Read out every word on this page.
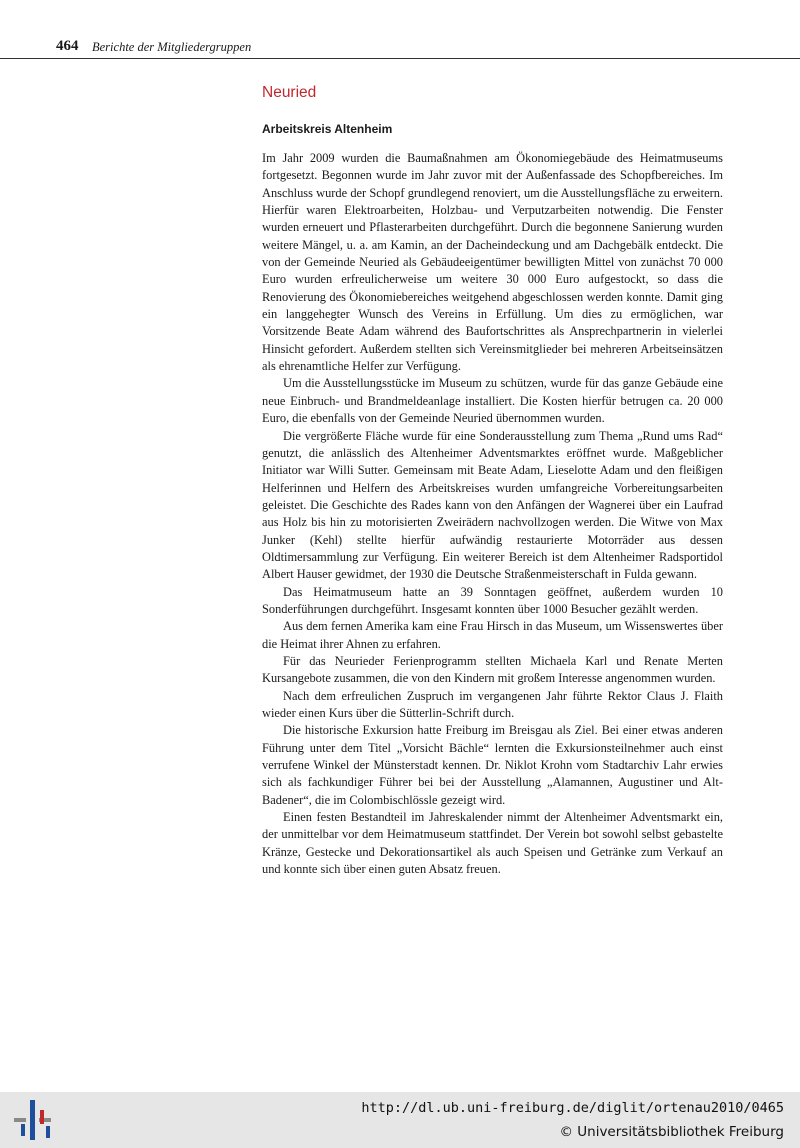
464 Berichte der Mitgliedergruppen
Neuried
Arbeitskreis Altenheim

Im Jahr 2009 wurden die Baumaßnahmen am Ökonomiegebäude des Heimatmuseums fortgesetzt. Begonnen wurde im Jahr zuvor mit der Außenfassade des Schopfbereiches. Im Anschluss wurde der Schopf grundlegend renoviert, um die Ausstellungsfläche zu erweitern. Hierfür waren Elektroarbeiten, Holzbau- und Verputzarbeiten notwendig. Die Fenster wurden erneuert und Pflasterarbeiten durchgeführt. Durch die begonnene Sanierung wurden weitere Mängel, u. a. am Kamin, an der Dacheindeckung und am Dachgebälk entdeckt. Die von der Gemeinde Neuried als Gebäudeeigentümer bewilligten Mittel von zunächst 70 000 Euro wurden erfreulicherweise um weitere 30 000 Euro aufgestockt, so dass die Renovierung des Ökonomiebereiches weitgehend abgeschlossen werden konnte. Damit ging ein langgehegter Wunsch des Vereins in Erfüllung. Um dies zu ermöglichen, war Vorsitzende Beate Adam während des Baufortschrittes als Ansprechpartnerin in vielerlei Hinsicht gefordert. Außerdem stellten sich Vereinsmitglieder bei mehreren Arbeitseinsätzen als ehrenamtliche Helfer zur Verfügung.

Um die Ausstellungsstücke im Museum zu schützen, wurde für das ganze Gebäude eine neue Einbruch- und Brandmeldeanlage installiert. Die Kosten hierfür betrugen ca. 20 000 Euro, die ebenfalls von der Gemeinde Neuried übernommen wurden.

Die vergrößerte Fläche wurde für eine Sonderausstellung zum Thema „Rund ums Rad“ genutzt, die anlässlich des Altenheimer Adventsmarktes eröffnet wurde. Maßgeblicher Initiator war Willi Sutter. Gemeinsam mit Beate Adam, Lieselotte Adam und den fleißigen Helferinnen und Helfern des Arbeitskreises wurden umfangreiche Vorbereitungsarbeiten geleistet. Die Geschichte des Rades kann von den Anfängen der Wagnerei über ein Laufrad aus Holz bis hin zu motorisierten Zweirädern nachvollzogen werden. Die Witwe von Max Junker (Kehl) stellte hierfür aufwändig restaurierte Motorräder aus dessen Oldtimersammlung zur Verfügung. Ein weiterer Bereich ist dem Altenheimer Radsportidol Albert Hauser gewidmet, der 1930 die Deutsche Straßenmeisterschaft in Fulda gewann.

Das Heimatmuseum hatte an 39 Sonntagen geöffnet, außerdem wurden 10 Sonderführungen durchgeführt. Insgesamt konnten über 1000 Besucher gezählt werden.

Aus dem fernen Amerika kam eine Frau Hirsch in das Museum, um Wissenswertes über die Heimat ihrer Ahnen zu erfahren.

Für das Neurieder Ferienprogramm stellten Michaela Karl und Renate Merten Kursangebote zusammen, die von den Kindern mit großem Interesse angenommen wurden.

Nach dem erfreulichen Zuspruch im vergangenen Jahr führte Rektor Claus J. Flaith wieder einen Kurs über die Sütterlin-Schrift durch.

Die historische Exkursion hatte Freiburg im Breisgau als Ziel. Bei einer etwas anderen Führung unter dem Titel „Vorsicht Bächle“ lernten die Exkursionsteilnehmer auch einst verrufene Winkel der Münsterstadt kennen. Dr. Niklot Krohn vom Stadtarchiv Lahr erwies sich als fachkundiger Führer bei bei der Ausstellung „Alamannen, Augustiner und Alt-Badener“, die im Colombischlössle gezeigt wird.

Einen festen Bestandteil im Jahreskalender nimmt der Altenheimer Adventsmarkt ein, der unmittelbar vor dem Heimatmuseum stattfindet. Der Verein bot sowohl selbst gebastelte Kränze, Gestecke und Dekorationsartikel als auch Speisen und Getränke zum Verkauf an und konnte sich über einen guten Absatz freuen.

http://dl.ub.uni-freiburg.de/diglit/ortenau2010/0465
© Universitätsbibliothek Freiburg
